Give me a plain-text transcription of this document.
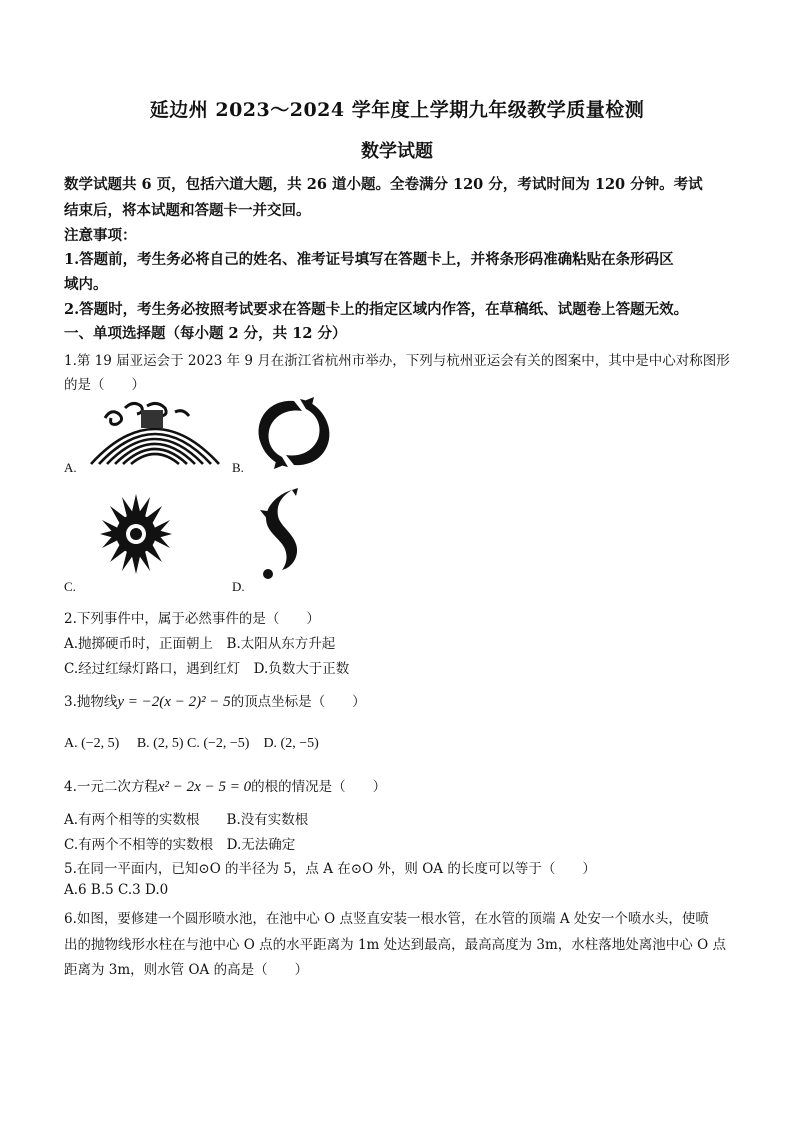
延边州 2023～2024 学年度上学期九年级教学质量检测
数学试题
数学试题共 6 页，包括六道大题，共 26 道小题。全卷满分 120 分，考试时间为 120 分钟。考试
结束后，将本试题和答题卡一并交回。
注意事项：
1.答题前，考生务必将自己的姓名、准考证号填写在答题卡上，并将条形码准确粘贴在条形码区
域内。
2.答题时，考生务必按照考试要求在答题卡上的指定区域内作答，在草稿纸、试题卷上答题无效。
一、单项选择题（每小题 2 分，共 12 分）
1.第 19 届亚运会于 2023 年 9 月在浙江省杭州市举办，下列与杭州亚运会有关的图案中，其中是中心对称图形
的是（　　）
A.	B.
C.	D.
2.下列事件中，属于必然事件的是（　　）
A.抛掷硬币时，正面朝上　B.太阳从东方升起
C.经过红绿灯路口，遇到红灯　D.负数大于正数
3.抛物线y = −2(x − 2)² − 5的顶点坐标是（　　）
A. (−2, 5)　 B. (2, 5) C. (−2, −5)　D. (2, −5)
4.一元二次方程x² − 2x − 5 = 0的根的情况是（　　）
A.有两个相等的实数根　　B.没有实数根
C.有两个不相等的实数根　D.无法确定
5.在同一平面内，已知⊙O 的半径为 5，点 A 在⊙O 外，则 OA 的长度可以等于（　　）
A.6 B.5 C.3 D.0
6.如图，要修建一个圆形喷水池，在池中心 O 点竖直安装一根水管，在水管的顶端 A 处安一个喷水头，使喷
出的抛物线形水柱在与池中心 O 点的水平距离为 1m 处达到最高，最高高度为 3m，水柱落地处离池中心 O 点
距离为 3m，则水管 OA 的高是（　　）
